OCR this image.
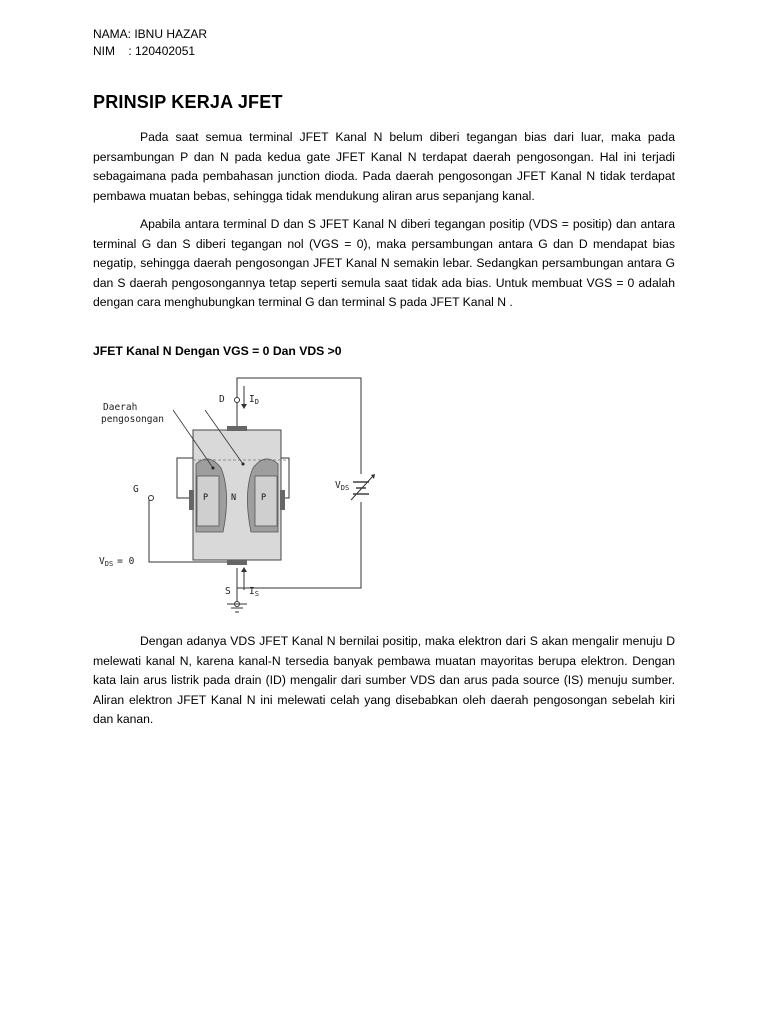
NAMA: IBNU HAZAR
NIM    : 120402051
PRINSIP KERJA JFET

Pada saat semua terminal JFET Kanal N belum diberi tegangan bias dari luar, maka pada persambungan P dan N pada kedua gate JFET Kanal N terdapat daerah pengosongan. Hal ini terjadi sebagaimana pada pembahasan junction dioda. Pada daerah pengosongan JFET Kanal N tidak terdapat pembawa muatan bebas, sehingga tidak mendukung aliran arus sepanjang kanal.

Apabila antara terminal D dan S JFET Kanal N diberi tegangan positip (VDS = positip) dan antara terminal G dan S diberi tegangan nol (VGS = 0), maka persambungan antara G dan D mendapat bias negatip, sehingga daerah pengosongan JFET Kanal N semakin lebar. Sedangkan persambungan antara G dan S daerah pengosongannya tetap seperti semula saat tidak ada bias. Untuk membuat VGS = 0 adalah dengan cara menghubungkan terminal G dan terminal S pada JFET Kanal N .

JFET Kanal N Dengan VGS = 0 Dan VDS >0

Daerah
pengosongan
D	$I_D$
G
S $I_S$
P	N	P
$V_{DS}$
$V_{DS} = 0$

Dengan adanya VDS JFET Kanal N bernilai positip, maka elektron dari S akan mengalir menuju D melewati kanal N, karena kanal-N tersedia banyak pembawa muatan mayoritas berupa elektron. Dengan kata lain arus listrik pada drain (ID) mengalir dari sumber VDS dan arus pada source (IS) menuju sumber. Aliran elektron JFET Kanal N ini melewati celah yang disebabkan oleh daerah pengosongan sebelah kiri dan kanan.
